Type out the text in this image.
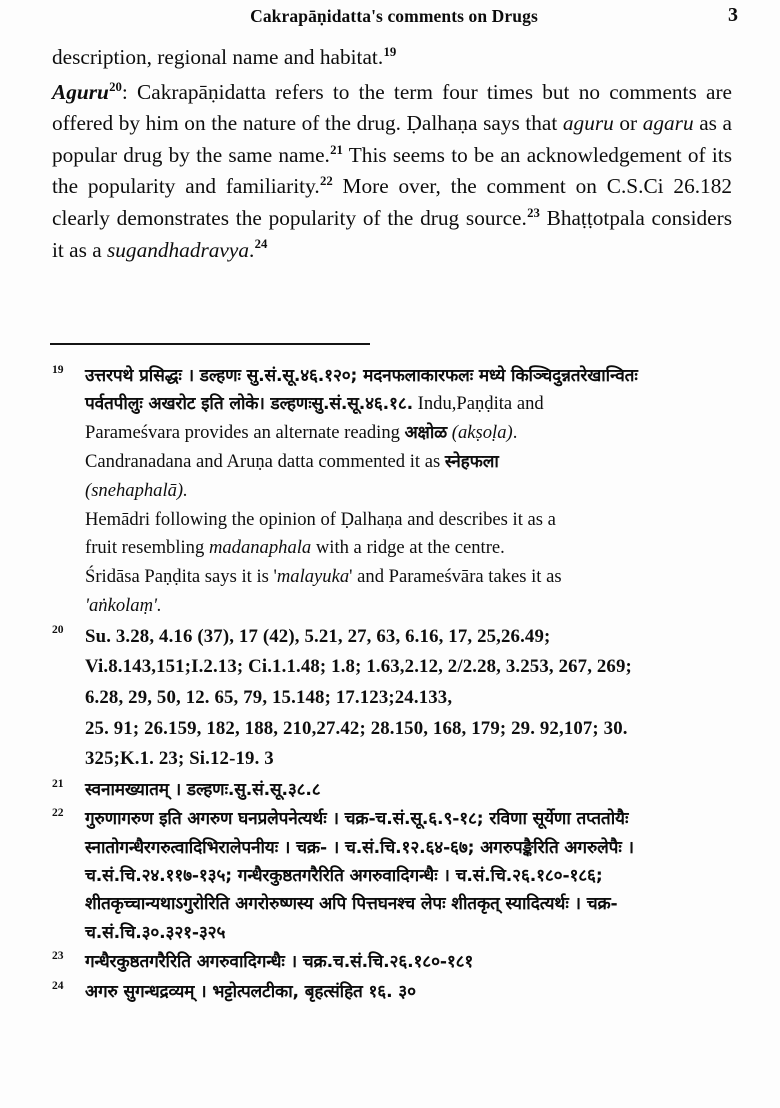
Cakrapāṇidatta's comments on Drugs	3

description, regional name and habitat.$^{19}$

Aguru$^{20}$: Cakrapāṇidatta refers to the term four times but no comments are offered by him on the nature of the drug. Ḍalhaṇa says that aguru or agaru as a popular drug by the same name.$^{21}$ This seems to be an acknowledgement of its the popularity and familiarity.$^{22}$ More over, the comment on C.S.Ci 26.182 clearly demonstrates the popularity of the drug source.$^{23}$ Bhaṭṭotpala considers it as a sugandhadravya.$^{24}$

19 उत्तरपथे प्रसिद्धः । डल्हणः सु.सं.सू.४६.१२०; मदनफलाकारफलः मध्ये किञ्चिदुन्नतरेखान्वितः
पर्वतपीलुः अखरोट इति लोके। डल्हणःसु.सं.सू.४६.१८. Indu,Paṇḍita and
Parameśvara provides an alternate reading अक्षोळ (akṣoḷa).
Candranadana and Aruṇa datta commented it as स्नेहफला
(snehaphalā).
Hemādri following the opinion of Ḍalhaṇa and describes it as a
fruit resembling madanaphala with a ridge at the centre.
Śridāsa Paṇḍita says it is 'malayuka' and Parameśvāra takes it as
'aṅkolaṃ'.
20 Su. 3.28, 4.16 (37), 17 (42), 5.21, 27, 63, 6.16, 17, 25,26.49;
Vi.8.143,151;I.2.13; Ci.1.1.48; 1.8; 1.63,2.12, 2/2.28, 3.253, 267, 269;
6.28, 29, 50, 12. 65, 79, 15.148; 17.123;24.133,
25. 91; 26.159, 182, 188, 210,27.42; 28.150, 168, 179; 29. 92,107; 30.
325;K.1. 23; Si.12-19. 3
21 स्वनामख्यातम् । डल्हणः.सु.सं.सू.३८.८
22 गुरुणागरुण इति अगरुण घनप्रलेपनेत्यर्थः । चक्र-च.सं.सू.६.९-१८; रविणा सूर्येणा तप्ततोयैः
स्नातोगन्धैरगरुत्वादिभिरालेपनीयः । चक्र- । च.सं.चि.१२.६४-६७; अगरुपङ्कैरिति अगरुलेपैः ।
च.सं.चि.२४.११७-१३५; गन्धैरकुष्ठतगरैरिति अगरुवादिगन्धैः । च.सं.चि.२६.१८०-१८६;
शीतकृच्चान्यथाऽगुरोरिति अगरोरुष्णस्य अपि पित्तघनश्च लेपः शीतकृत् स्यादित्यर्थः । चक्र-
च.सं.चि.३०.३२१-३२५
23 गन्धैरकुष्ठतगरैरिति अगरुवादिगन्धैः । चक्र.च.सं.चि.२६.१८०-१८१
24 अगरु सुगन्धद्रव्यम् । भट्टोत्पलटीका, बृहत्संहित १६. ३०
